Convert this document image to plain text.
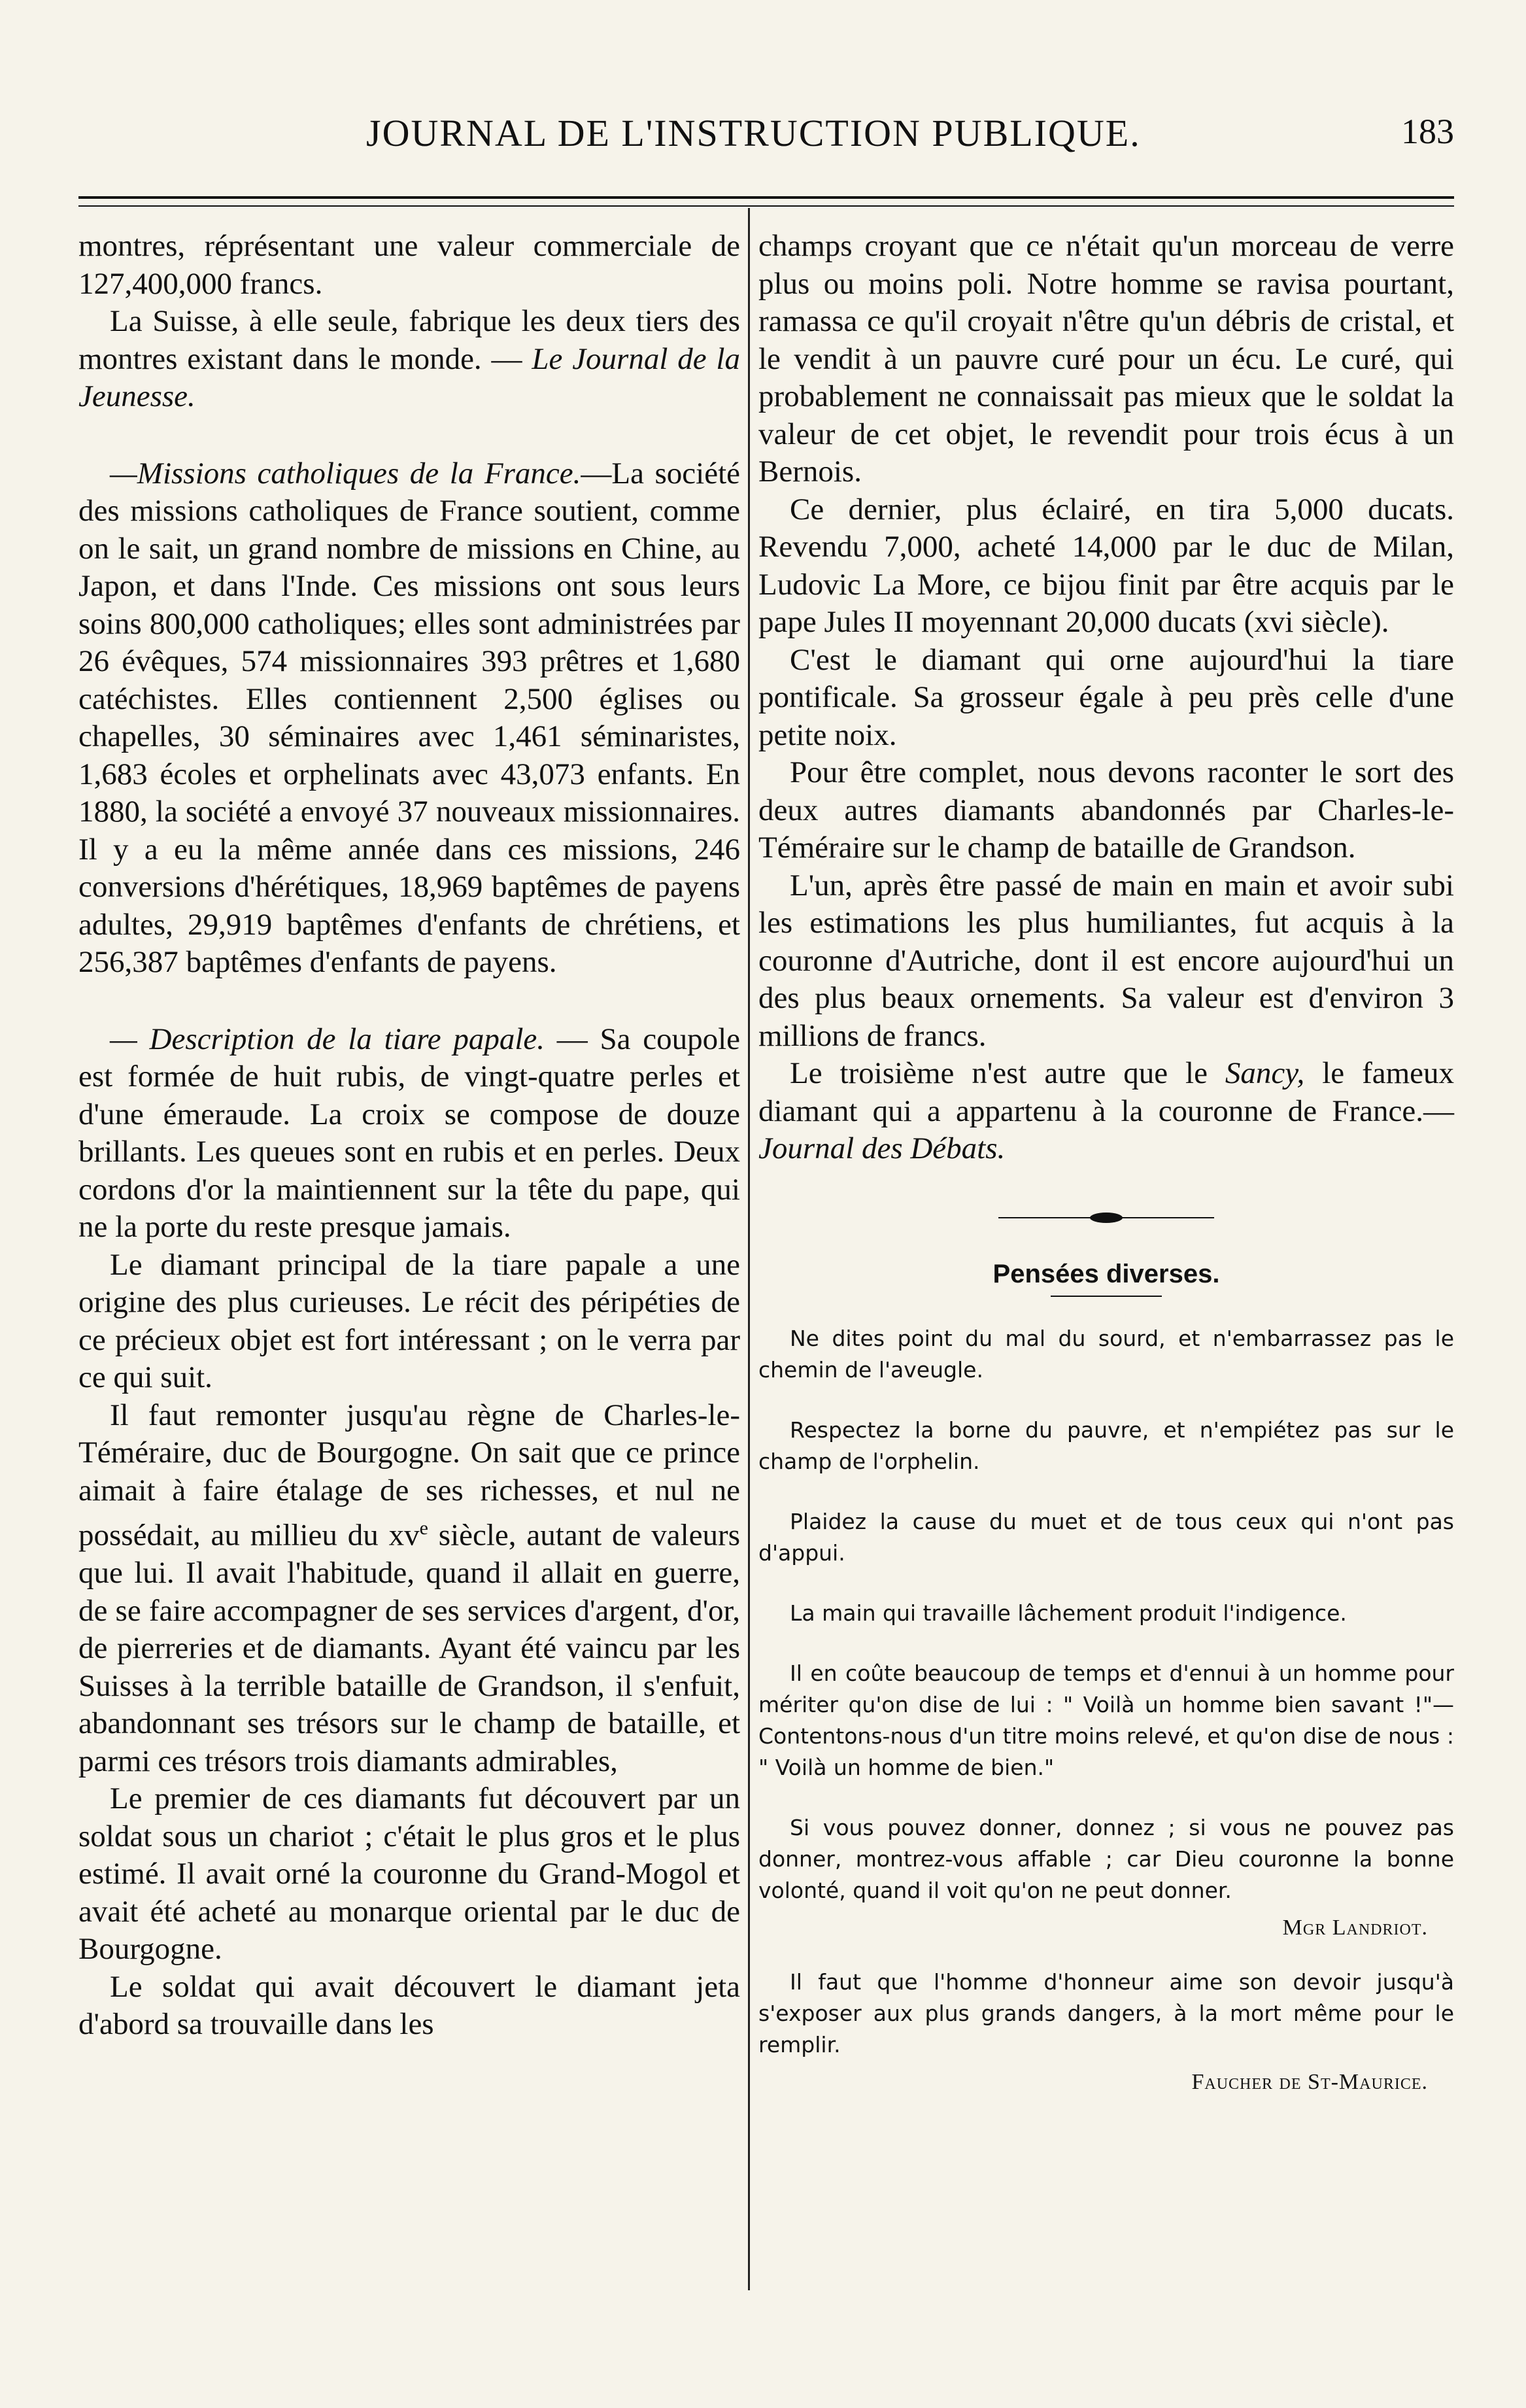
JOURNAL DE L'INSTRUCTION PUBLIQUE.	183

montres, réprésentant une valeur commerciale de 127,400,000 francs.

La Suisse, à elle seule, fabrique les deux tiers des montres existant dans le monde. — Le Journal de la Jeunesse.

—Missions catholiques de la France.—La société des missions catholiques de France soutient, comme on le sait, un grand nombre de missions en Chine, au Japon, et dans l'Inde. Ces missions ont sous leurs soins 800,000 catholiques; elles sont administrées par 26 évêques, 574 missionnaires 393 prêtres et 1,680 catéchistes. Elles contiennent 2,500 églises ou chapelles, 30 séminaires avec 1,461 séminaristes, 1,683 écoles et orphelinats avec 43,073 enfants. En 1880, la société a envoyé 37 nouveaux missionnaires. Il y a eu la même année dans ces missions, 246 conversions d'hérétiques, 18,969 baptêmes de payens adultes, 29,919 baptêmes d'enfants de chrétiens, et 256,387 baptêmes d'enfants de payens.

— Description de la tiare papale. — Sa coupole est formée de huit rubis, de vingt-quatre perles et d'une émeraude. La croix se compose de douze brillants. Les queues sont en rubis et en perles. Deux cordons d'or la maintiennent sur la tête du pape, qui ne la porte du reste presque jamais.

Le diamant principal de la tiare papale a une origine des plus curieuses. Le récit des péripéties de ce précieux objet est fort intéressant ; on le verra par ce qui suit.

Il faut remonter jusqu'au règne de Charles-le-Téméraire, duc de Bourgogne. On sait que ce prince aimait à faire étalage de ses richesses, et nul ne possédait, au millieu du $xv^e$ siècle, autant de valeurs que lui. Il avait l'habitude, quand il allait en guerre, de se faire accompagner de ses services d'argent, d'or, de pierreries et de diamants. Ayant été vaincu par les Suisses à la terrible bataille de Grandson, il s'enfuit, abandonnant ses trésors sur le champ de bataille, et parmi ces trésors trois diamants admirables,

Le premier de ces diamants fut découvert par un soldat sous un chariot ; c'était le plus gros et le plus estimé. Il avait orné la couronne du Grand-Mogol et avait été acheté au monarque oriental par le duc de Bourgogne.

Le soldat qui avait découvert le diamant jeta d'abord sa trouvaille dans les

champs croyant que ce n'était qu'un morceau de verre plus ou moins poli. Notre homme se ravisa pourtant, ramassa ce qu'il croyait n'être qu'un débris de cristal, et le vendit à un pauvre curé pour un écu. Le curé, qui probablement ne connaissait pas mieux que le soldat la valeur de cet objet, le revendit pour trois écus à un Bernois.

Ce dernier, plus éclairé, en tira 5,000 ducats. Revendu 7,000, acheté 14,000 par le duc de Milan, Ludovic La More, ce bijou finit par être acquis par le pape Jules II moyennant 20,000 ducats (xvi siècle).

C'est le diamant qui orne aujourd'hui la tiare pontificale. Sa grosseur égale à peu près celle d'une petite noix.

Pour être complet, nous devons raconter le sort des deux autres diamants abandonnés par Charles-le-Téméraire sur le champ de bataille de Grandson.

L'un, après être passé de main en main et avoir subi les estimations les plus humiliantes, fut acquis à la couronne d'Autriche, dont il est encore aujourd'hui un des plus beaux ornements. Sa valeur est d'environ 3 millions de francs.

Le troisième n'est autre que le Sancy, le fameux diamant qui a appartenu à la couronne de France.—Journal des Débats.

Pensées diverses.
Ne dites point du mal du sourd, et n'embarrassez pas le chemin de l'aveugle.
Respectez la borne du pauvre, et n'empiétez pas sur le champ de l'orphelin.
Plaidez la cause du muet et de tous ceux qui n'ont pas d'appui.
La main qui travaille lâchement produit l'indigence.
Il en coûte beaucoup de temps et d'ennui à un homme pour mériter qu'on dise de lui : " Voilà un homme bien savant !"—Contentons-nous d'un titre moins relevé, et qu'on dise de nous : " Voilà un homme de bien."
Si vous pouvez donner, donnez ; si vous ne pouvez pas donner, montrez-vous affable ; car Dieu couronne la bonne volonté, quand il voit qu'on ne peut donner.
Mgr Landriot.
Il faut que l'homme d'honneur aime son devoir jusqu'à s'exposer aux plus grands dangers, à la mort même pour le remplir.
Faucher de St-Maurice.
